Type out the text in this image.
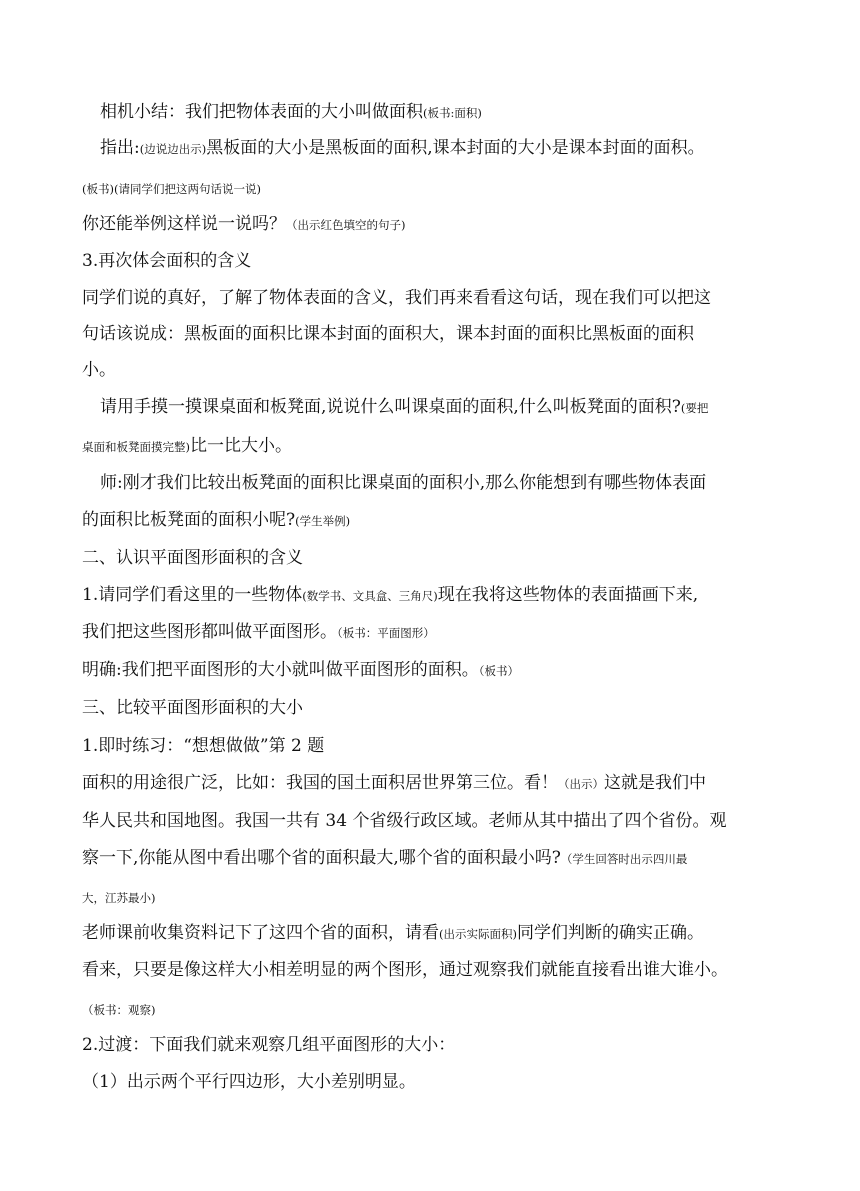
相机小结：我们把物体表面的大小叫做面积(板书:面积)
指出:(边说边出示)黑板面的大小是黑板面的面积,课本封面的大小是课本封面的面积。
(板书)(请同学们把这两句话说一说)
你还能举例这样说一说吗？（出示红色填空的句子)
3.再次体会面积的含义
同学们说的真好，了解了物体表面的含义，我们再来看看这句话，现在我们可以把这
句话该说成：黑板面的面积比课本封面的面积大，课本封面的面积比黑板面的面积
小。
请用手摸一摸课桌面和板凳面,说说什么叫课桌面的面积,什么叫板凳面的面积?(要把
桌面和板凳面摸完整)比一比大小。
师:刚才我们比较出板凳面的面积比课桌面的面积小,那么你能想到有哪些物体表面
的面积比板凳面的面积小呢?(学生举例)
二、认识平面图形面积的含义
1.请同学们看这里的一些物体(数学书、文具盒、三角尺)现在我将这些物体的表面描画下来,
我们把这些图形都叫做平面图形。（板书：平面图形）
明确:我们把平面图形的大小就叫做平面图形的面积。（板书）
三、比较平面图形面积的大小
1.即时练习：“想想做做”第 2 题
面积的用途很广泛，比如：我国的国土面积居世界第三位。看！（出示）这就是我们中
华人民共和国地图。我国一共有 34 个省级行政区域。老师从其中描出了四个省份。观
察一下,你能从图中看出哪个省的面积最大,哪个省的面积最小吗?（学生回答时出示四川最
大，江苏最小)
老师课前收集资料记下了这四个省的面积，请看(出示实际面积)同学们判断的确实正确。
看来，只要是像这样大小相差明显的两个图形，通过观察我们就能直接看出谁大谁小。
（板书：观察)
2.过渡：下面我们就来观察几组平面图形的大小：
（1）出示两个平行四边形，大小差别明显。
